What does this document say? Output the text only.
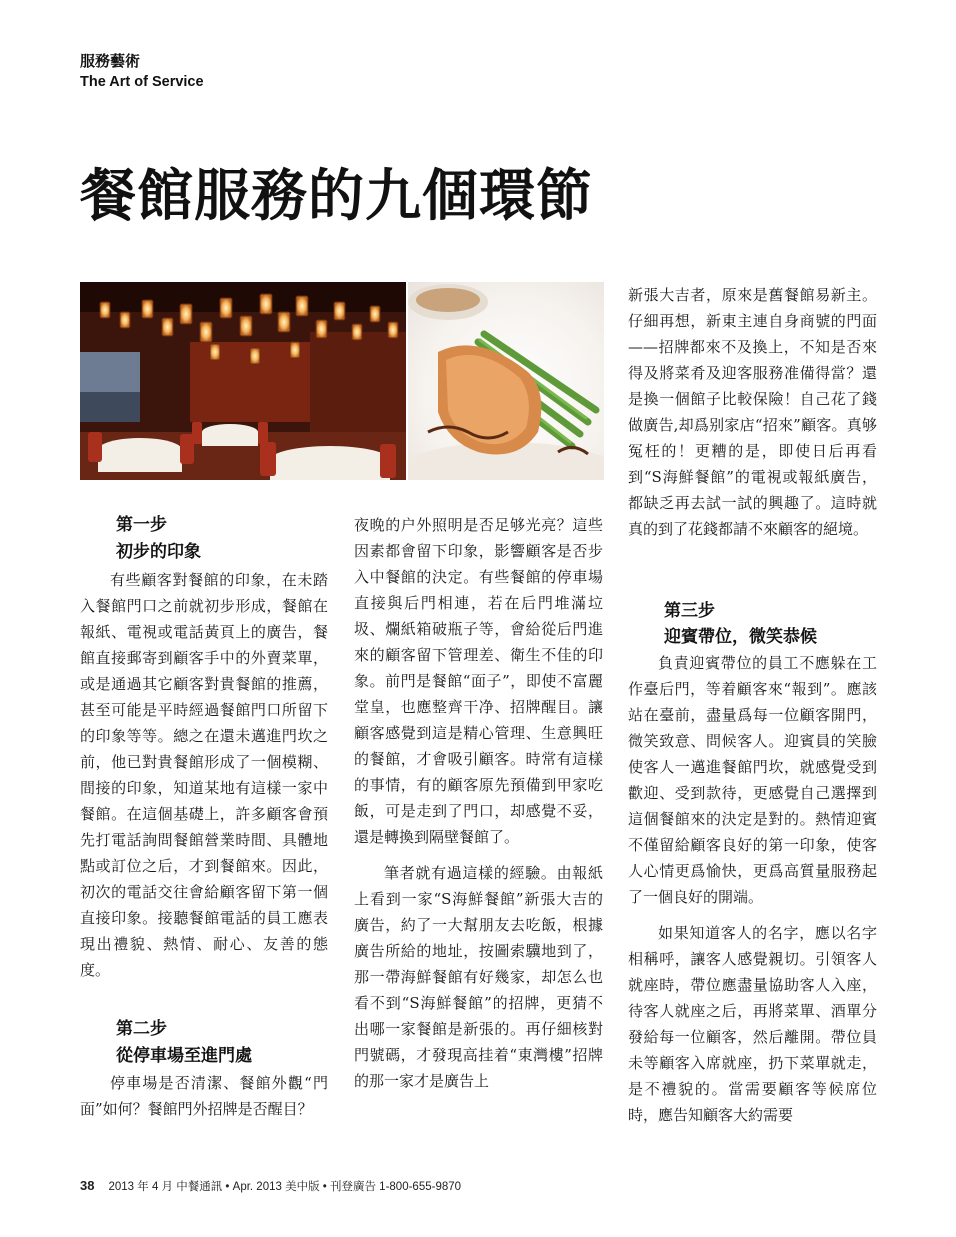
服務藝術
The Art of Service
餐館服務的九個環節
第一步
初步的印象

有些顧客對餐館的印象，在未踏入餐館門口之前就初步形成，餐館在報紙、電視或電話黃頁上的廣告，餐館直接郵寄到顧客手中的外賣菜單，或是通過其它顧客對貴餐館的推薦，甚至可能是平時經過餐館門口所留下的印象等等。總之在還未邁進門坎之前，他已對貴餐館形成了一個模糊、間接的印象，知道某地有這樣一家中餐館。在這個基礎上，許多顧客會預先打電話詢問餐館營業時間、具體地點或訂位之后，才到餐館來。因此，初次的電話交往會給顧客留下第一個直接印象。接聽餐館電話的員工應表現出禮貌、熱情、耐心、友善的態度。

第二步
從停車場至進門處

停車場是否清潔、餐館外觀“門面”如何？餐館門外招牌是否醒目？

夜晚的户外照明是否足够光亮？這些因素都會留下印象，影響顧客是否步入中餐館的決定。有些餐館的停車場直接與后門相連，若在后門堆滿垃圾、爛紙箱破瓶子等，會給從后門進來的顧客留下管理差、衛生不佳的印象。前門是餐館“面子”，即使不富麗堂皇，也應整齊干净、招牌醒目。讓顧客感覺到這是精心管理、生意興旺的餐館，才會吸引顧客。時常有這樣的事情，有的顧客原先預備到甲家吃飯，可是走到了門口，却感覺不妥，還是轉換到隔壁餐館了。

筆者就有過這樣的經驗。由報紙上看到一家“S海鮮餐館”新張大吉的廣告，約了一大幫朋友去吃飯，根據廣告所給的地址，按圖索驥地到了，那一帶海鮮餐館有好幾家，却怎么也看不到“S海鮮餐館”的招牌，更猜不出哪一家餐館是新張的。再仔細核對門號碼，才發現高挂着“東灣樓”招牌的那一家才是廣告上

新張大吉者，原來是舊餐館易新主。仔細再想，新東主連自身商號的門面——招牌都來不及換上，不知是否來得及將菜肴及迎客服務准備得當？還是換一個館子比較保險！自己花了錢做廣告,却爲别家店“招來”顧客。真够冤枉的！更糟的是，即使日后再看到“S海鮮餐館”的電視或報紙廣告，都缺乏再去試一試的興趣了。這時就真的到了花錢都請不來顧客的絕境。

第三步
迎賓帶位，微笑恭候

負責迎賓帶位的員工不應躲在工作臺后門，等着顧客來“報到”。應該站在臺前，盡量爲每一位顧客開門，微笑致意、問候客人。迎賓員的笑臉使客人一邁進餐館門坎，就感覺受到歡迎、受到款待，更感覺自己選擇到這個餐館來的決定是對的。熱情迎賓不僅留給顧客良好的第一印象，使客人心情更爲愉快，更爲高質量服務起了一個良好的開端。

如果知道客人的名字，應以名字相稱呼，讓客人感覺親切。引領客人就座時，帶位應盡量協助客人入座，待客人就座之后，再將菜單、酒單分發給每一位顧客，然后離開。帶位員未等顧客入席就座，扔下菜單就走，是不禮貌的。當需要顧客等候席位時，應告知顧客大約需要

38 2013 年 4 月 中餐通訊 • Apr. 2013 美中版 • 刊登廣告 1-800-655-9870
